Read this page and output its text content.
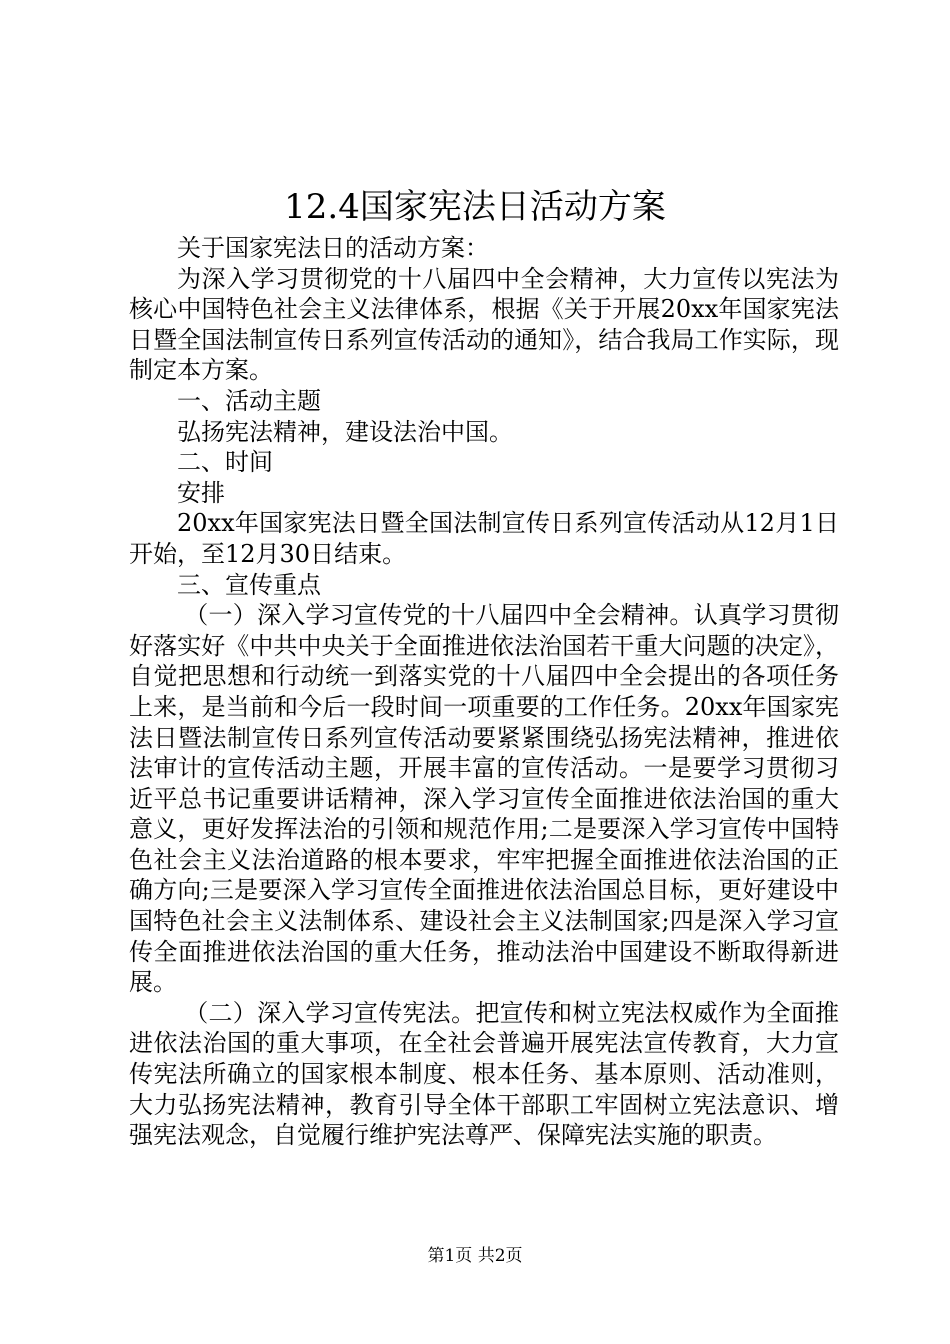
12.4国家宪法日活动方案

关于国家宪法日的活动方案：

为深入学习贯彻党的十八届四中全会精神，大力宣传以宪法为核心中国特色社会主义法律体系，根据《关于开展20xx年国家宪法日暨全国法制宣传日系列宣传活动的通知》，结合我局工作实际，现制定本方案。

一、活动主题

弘扬宪法精神，建设法治中国。

二、时间

安排

20xx年国家宪法日暨全国法制宣传日系列宣传活动从12月1日开始，至12月30日结束。

三、宣传重点

（一）深入学习宣传党的十八届四中全会精神。认真学习贯彻好落实好《中共中央关于全面推进依法治国若干重大问题的决定》，自觉把思想和行动统一到落实党的十八届四中全会提出的各项任务上来，是当前和今后一段时间一项重要的工作任务。20xx年国家宪法日暨法制宣传日系列宣传活动要紧紧围绕弘扬宪法精神，推进依法审计的宣传活动主题，开展丰富的宣传活动。一是要学习贯彻习近平总书记重要讲话精神，深入学习宣传全面推进依法治国的重大意义，更好发挥法治的引领和规范作用;二是要深入学习宣传中国特色社会主义法治道路的根本要求，牢牢把握全面推进依法治国的正确方向;三是要深入学习宣传全面推进依法治国总目标，更好建设中国特色社会主义法制体系、建设社会主义法制国家;四是深入学习宣传全面推进依法治国的重大任务，推动法治中国建设不断取得新进展。

（二）深入学习宣传宪法。把宣传和树立宪法权威作为全面推进依法治国的重大事项，在全社会普遍开展宪法宣传教育，大力宣传宪法所确立的国家根本制度、根本任务、基本原则、活动准则，大力弘扬宪法精神，教育引导全体干部职工牢固树立宪法意识、增强宪法观念，自觉履行维护宪法尊严、保障宪法实施的职责。

第1页 共2页
